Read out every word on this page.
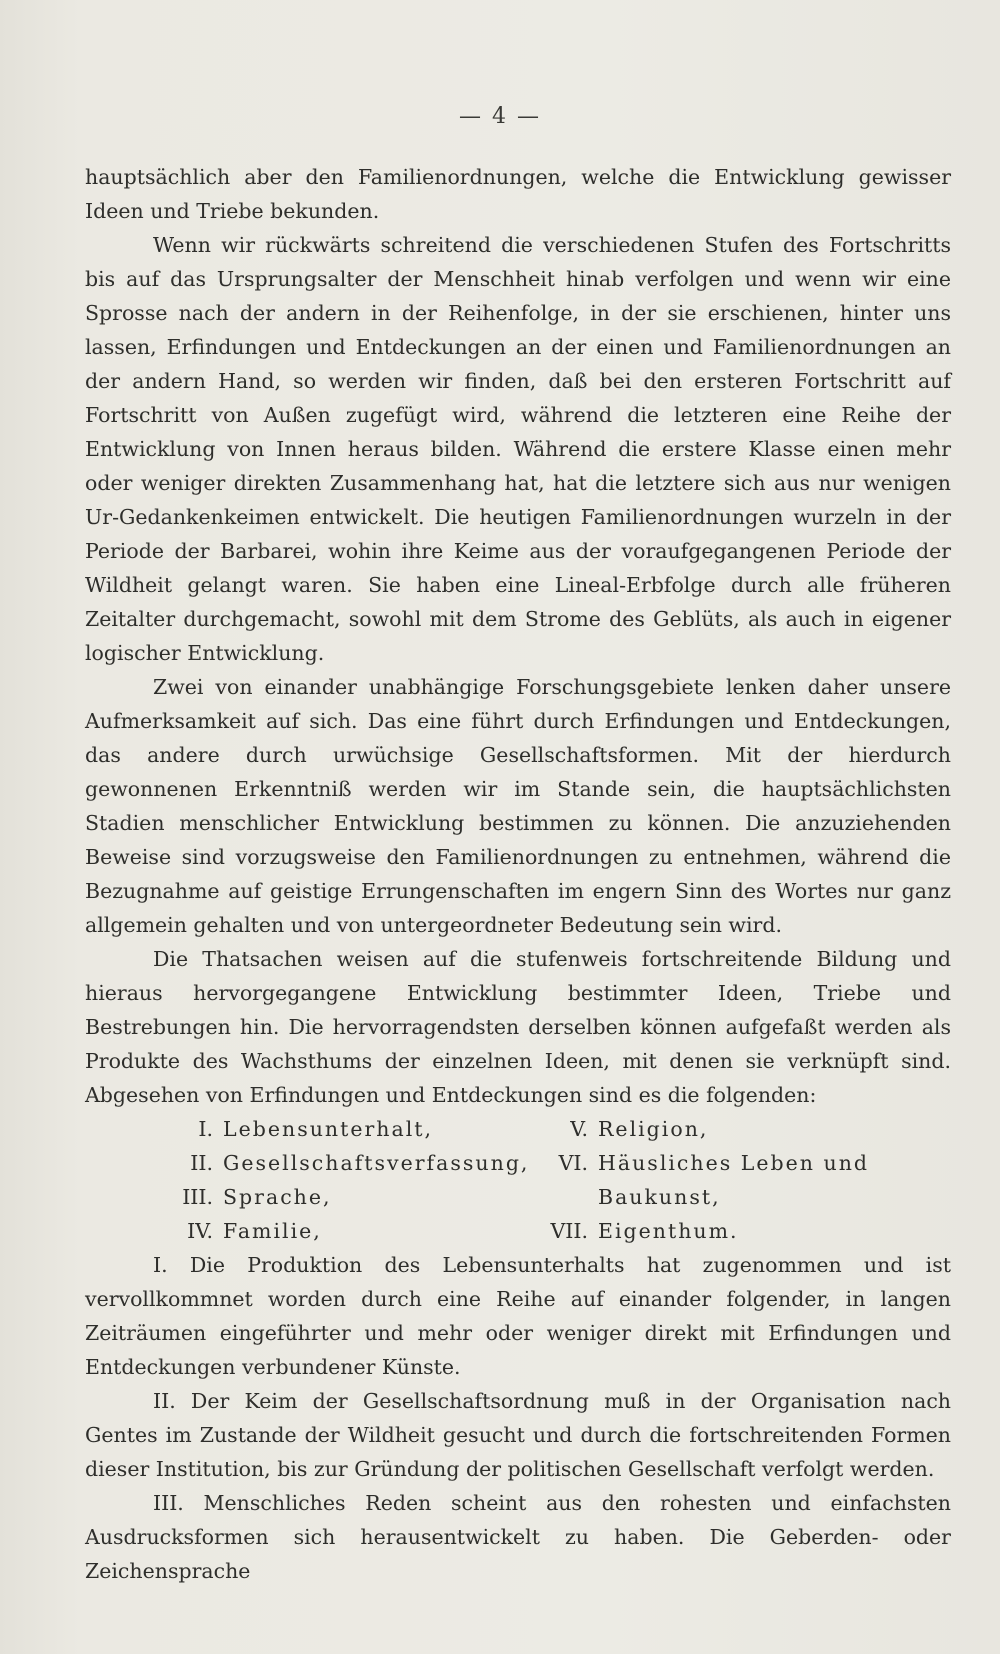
— 4 —

hauptsächlich aber den Familienordnungen, welche die Entwicklung gewisser Ideen und Triebe bekunden.

Wenn wir rückwärts schreitend die verschiedenen Stufen des Fortschritts bis auf das Ursprungsalter der Menschheit hinab verfolgen und wenn wir eine Sprosse nach der andern in der Reihenfolge, in der sie erschienen, hinter uns lassen, Erfindungen und Entdeckungen an der einen und Familienordnungen an der andern Hand, so werden wir finden, daß bei den ersteren Fortschritt auf Fortschritt von Außen zugefügt wird, während die letzteren eine Reihe der Entwicklung von Innen heraus bilden. Während die erstere Klasse einen mehr oder weniger direkten Zusammenhang hat, hat die letztere sich aus nur wenigen Ur-Gedankenkeimen entwickelt. Die heutigen Familienordnungen wurzeln in der Periode der Barbarei, wohin ihre Keime aus der voraufgegangenen Periode der Wildheit gelangt waren. Sie haben eine Lineal-Erbfolge durch alle früheren Zeitalter durchgemacht, sowohl mit dem Strome des Geblüts, als auch in eigener logischer Entwicklung.

Zwei von einander unabhängige Forschungsgebiete lenken daher unsere Aufmerksamkeit auf sich. Das eine führt durch Erfindungen und Entdeckungen, das andere durch urwüchsige Gesellschaftsformen. Mit der hierdurch gewonnenen Erkenntniß werden wir im Stande sein, die hauptsächlichsten Stadien menschlicher Entwicklung bestimmen zu können. Die anzuziehenden Beweise sind vorzugsweise den Familienordnungen zu entnehmen, während die Bezugnahme auf geistige Errungenschaften im engern Sinn des Wortes nur ganz allgemein gehalten und von untergeordneter Bedeutung sein wird.

Die Thatsachen weisen auf die stufenweis fortschreitende Bildung und hieraus hervorgegangene Entwicklung bestimmter Ideen, Triebe und Bestrebungen hin. Die hervorragendsten derselben können aufgefaßt werden als Produkte des Wachsthums der einzelnen Ideen, mit denen sie verknüpft sind. Abgesehen von Erfindungen und Entdeckungen sind es die folgenden:

I. Lebensunterhalt,
II. Gesellschaftsverfassung,
III. Sprache,
IV. Familie,
V. Religion,
VI. Häusliches Leben und
Baukunst,
VII. Eigenthum.

I. Die Produktion des Lebensunterhalts hat zugenommen und ist vervollkommnet worden durch eine Reihe auf einander folgender, in langen Zeiträumen eingeführter und mehr oder weniger direkt mit Erfindungen und Entdeckungen verbundener Künste.

II. Der Keim der Gesellschaftsordnung muß in der Organisation nach Gentes im Zustande der Wildheit gesucht und durch die fortschreitenden Formen dieser Institution, bis zur Gründung der politischen Gesellschaft verfolgt werden.

III. Menschliches Reden scheint aus den rohesten und einfachsten Ausdrucksformen sich herausentwickelt zu haben. Die Geberden- oder Zeichensprache
